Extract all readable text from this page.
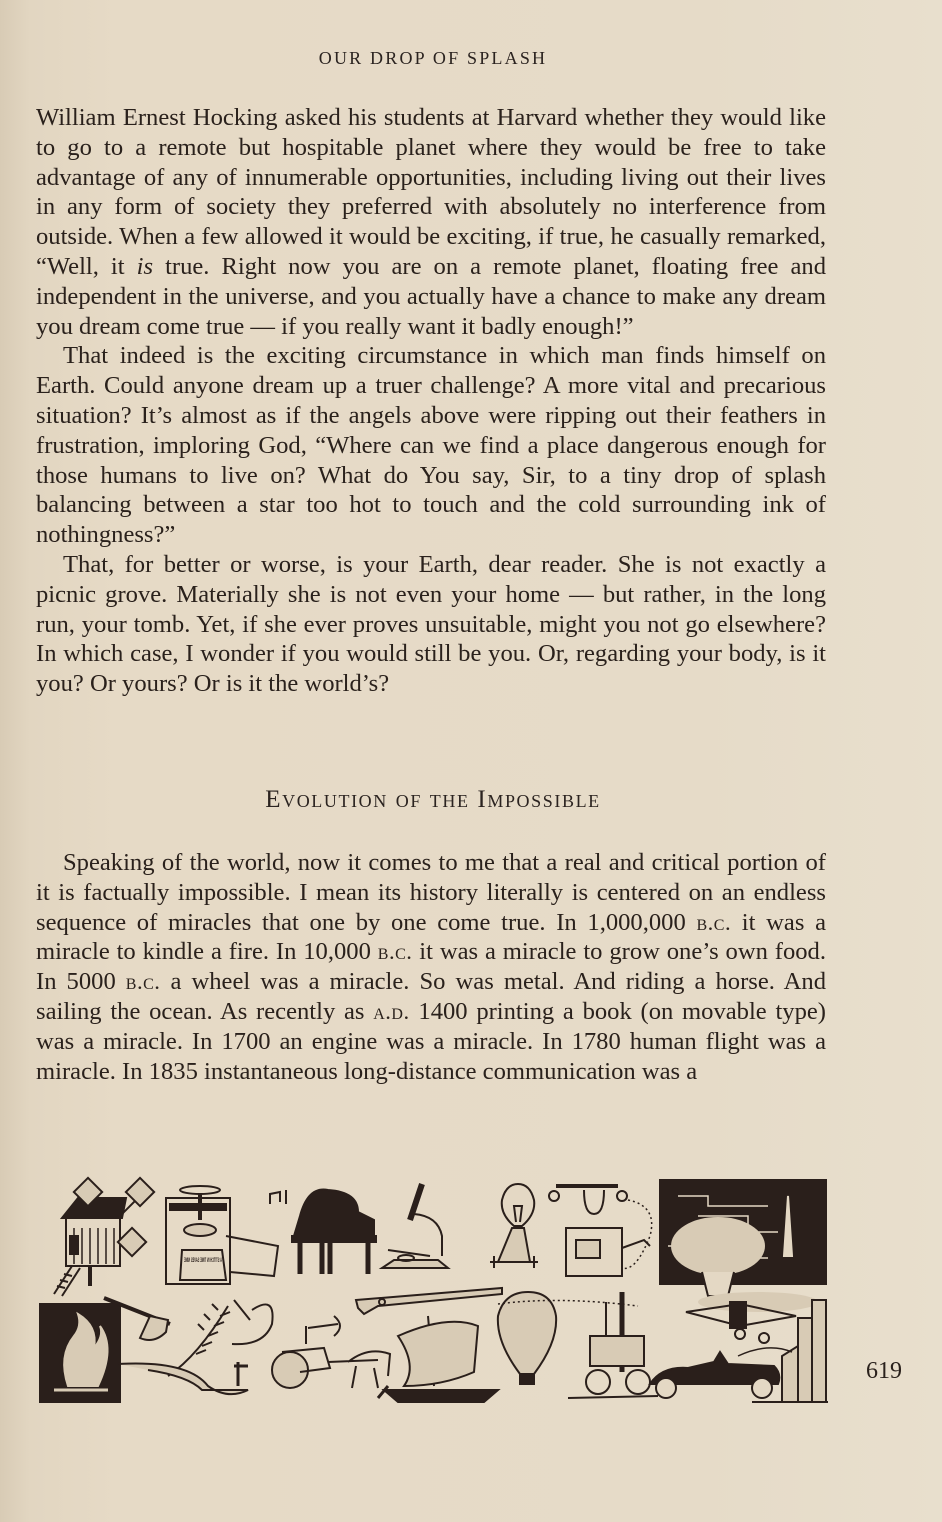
OUR DROP OF SPLASH

William Ernest Hocking asked his students at Harvard whether they would like to go to a remote but hospitable planet where they would be free to take advantage of any of innumerable opportunities, including living out their lives in any form of society they preferred with absolutely no interference from outside. When a few allowed it would be exciting, if true, he casually remarked, “Well, it is true. Right now you are on a remote planet, floating free and independent in the universe, and you actually have a chance to make any dream you dream come true — if you really want it badly enough!”

That indeed is the exciting circumstance in which man finds himself on Earth. Could anyone dream up a truer challenge? A more vital and precarious situation? It’s almost as if the angels above were ripping out their feathers in frustration, imploring God, “Where can we find a place dangerous enough for those humans to live on? What do You say, Sir, to a tiny drop of splash balancing between a star too hot to touch and the cold surrounding ink of nothingness?”

That, for better or worse, is your Earth, dear reader. She is not exactly a picnic grove. Materially she is not even your home — but rather, in the long run, your tomb. Yet, if she ever proves unsuitable, might you not go elsewhere? In which case, I wonder if you would still be you. Or, regarding your body, is it you? Or yours? Or is it the world’s?

Evolution of the Impossible

Speaking of the world, now it comes to me that a real and critical portion of it is factually impossible. I mean its history literally is centered on an endless sequence of miracles that one by one come true. In 1,000,000 b.c. it was a miracle to kindle a fire. In 10,000 b.c. it was a miracle to grow one’s own food. In 5000 b.c. a wheel was a miracle. So was metal. And riding a horse. And sailing the ocean. As recently as a.d. 1400 printing a book (on movable type) was a miracle. In 1700 an engine was a miracle. In 1780 human flight was a miracle. In 1835 instantaneous long-distance communication was a

A STITCH IN TIME SAVES NINE
619
